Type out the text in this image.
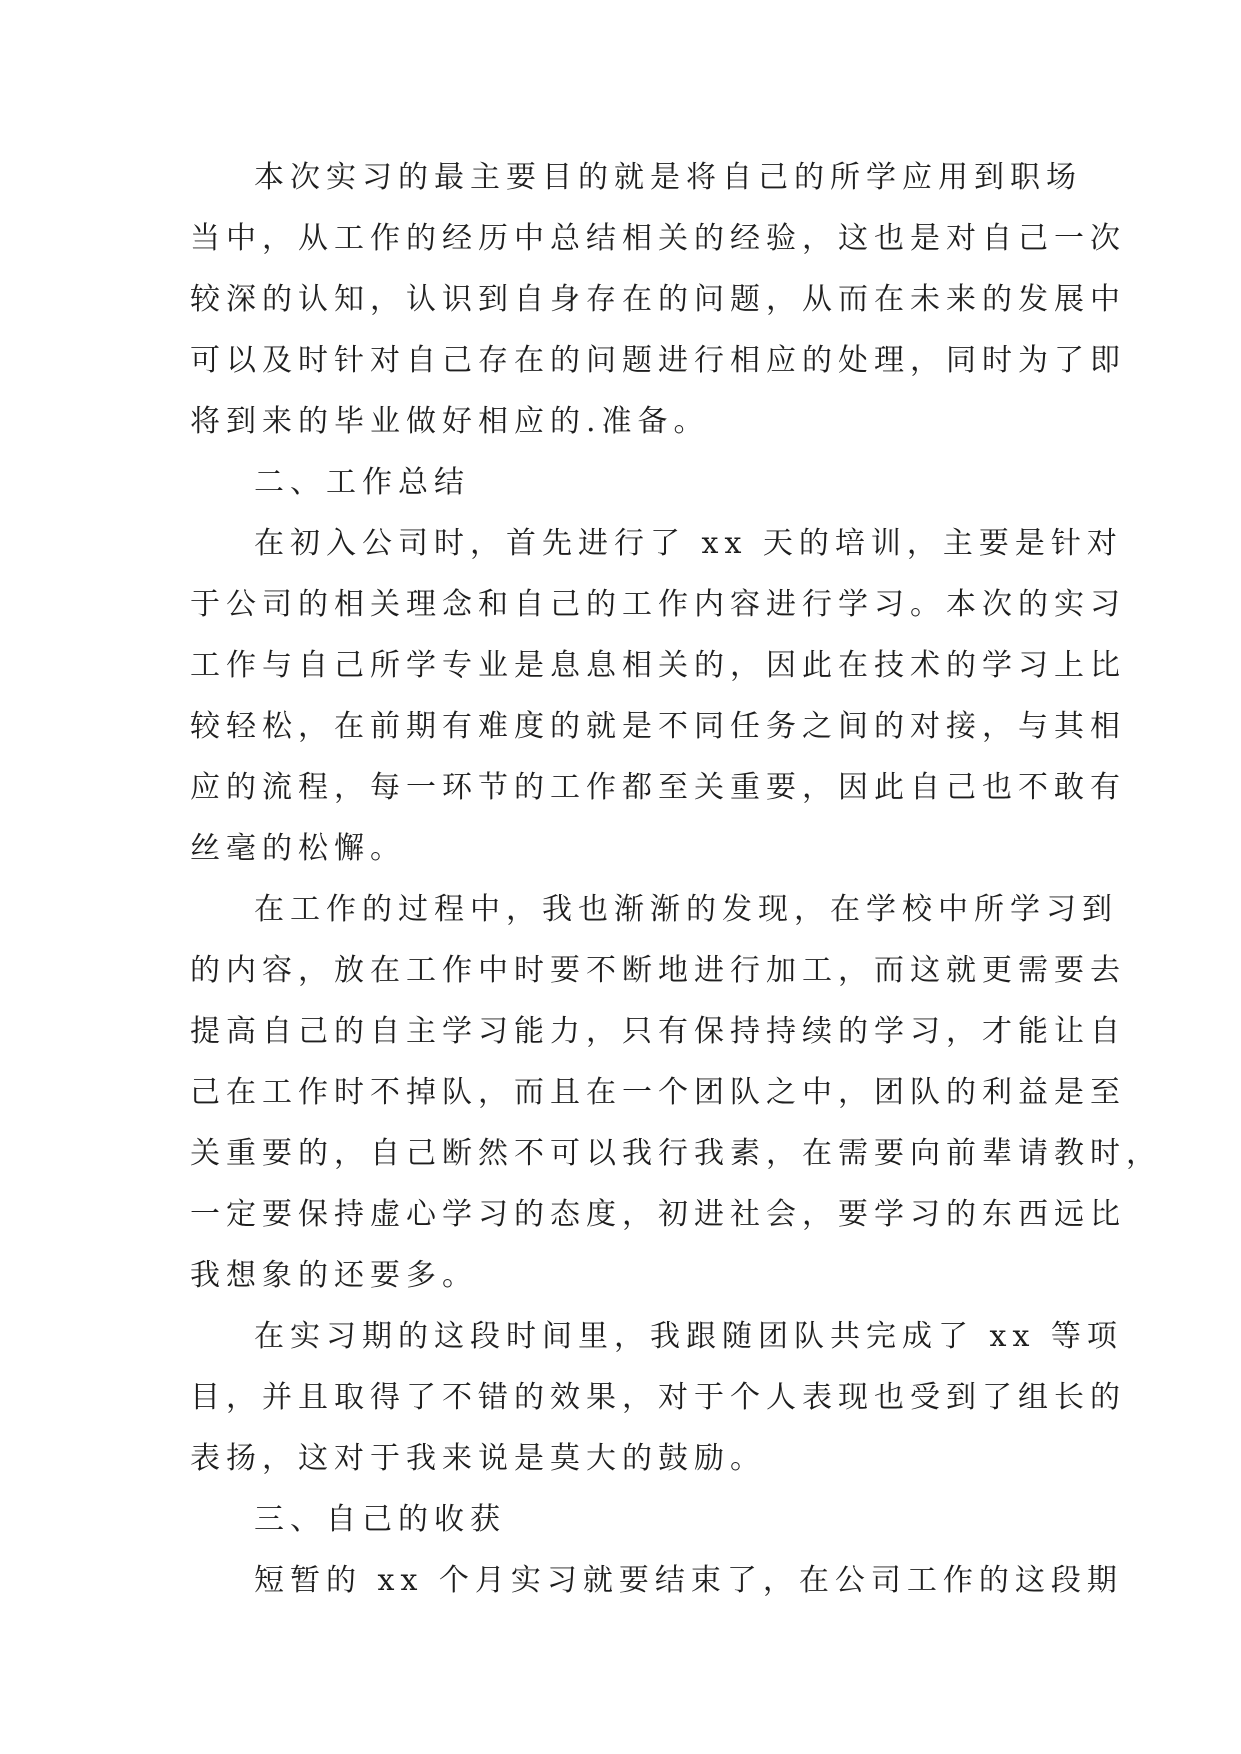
本次实习的最主要目的就是将自己的所学应用到职场
当中，从工作的经历中总结相关的经验，这也是对自己一次
较深的认知，认识到自身存在的问题，从而在未来的发展中
可以及时针对自己存在的问题进行相应的处理，同时为了即
将到来的毕业做好相应的.准备。
二、工作总结
在初入公司时，首先进行了 xx 天的培训，主要是针对
于公司的相关理念和自己的工作内容进行学习。本次的实习
工作与自己所学专业是息息相关的，因此在技术的学习上比
较轻松，在前期有难度的就是不同任务之间的对接，与其相
应的流程，每一环节的工作都至关重要，因此自己也不敢有
丝毫的松懈。
在工作的过程中，我也渐渐的发现，在学校中所学习到
的内容，放在工作中时要不断地进行加工，而这就更需要去
提高自己的自主学习能力，只有保持持续的学习，才能让自
己在工作时不掉队，而且在一个团队之中，团队的利益是至
关重要的，自己断然不可以我行我素，在需要向前辈请教时，
一定要保持虚心学习的态度，初进社会，要学习的东西远比
我想象的还要多。
在实习期的这段时间里，我跟随团队共完成了 xx 等项
目，并且取得了不错的效果，对于个人表现也受到了组长的
表扬，这对于我来说是莫大的鼓励。
三、自己的收获
短暂的 xx 个月实习就要结束了，在公司工作的这段期
